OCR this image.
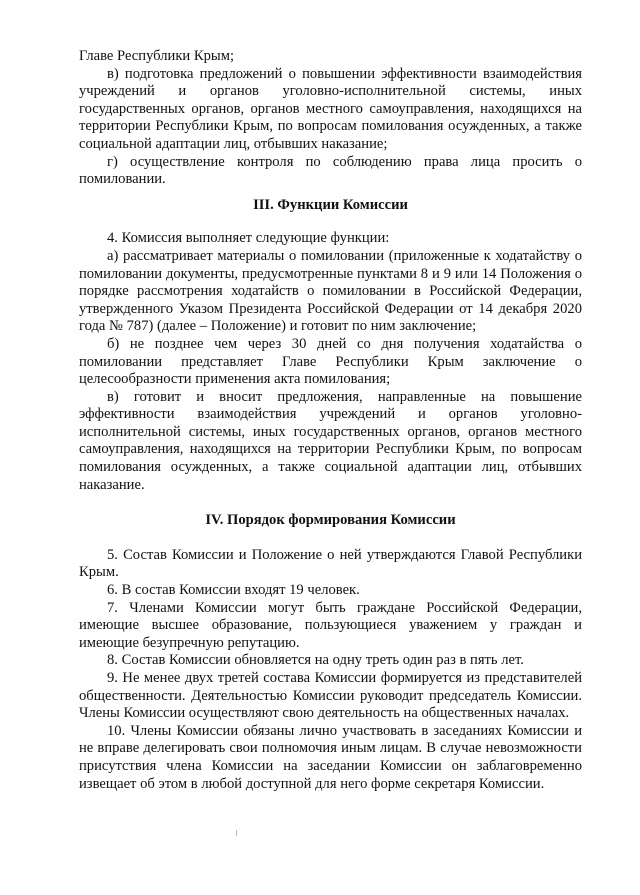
Главе Республики Крым;

в) подготовка предложений о повышении эффективности взаимодействия учреждений и органов уголовно-исполнительной системы, иных государственных органов, органов местного самоуправления, находящихся на территории Республики Крым, по вопросам помилования осужденных, а также социальной адаптации лиц, отбывших наказание;

г) осуществление контроля по соблюдению права лица просить о помиловании.

III. Функции Комиссии

4. Комиссия выполняет следующие функции:

а) рассматривает материалы о помиловании (приложенные к ходатайству о помиловании документы, предусмотренные пунктами 8 и 9 или 14 Положения о порядке рассмотрения ходатайств о помиловании в Российской Федерации, утвержденного Указом Президента Российской Федерации от 14 декабря 2020 года № 787) (далее – Положение) и готовит по ним заключение;

б) не позднее чем через 30 дней со дня получения ходатайства о помиловании представляет Главе Республики Крым заключение о целесообразности применения акта помилования;

в) готовит и вносит предложения, направленные на повышение эффективности взаимодействия учреждений и органов уголовно-исполнительной системы, иных государственных органов, органов местного самоуправления, находящихся на территории Республики Крым, по вопросам помилования осужденных, а также социальной адаптации лиц, отбывших наказание.

IV. Порядок формирования Комиссии

5. Состав Комиссии и Положение о ней утверждаются Главой Республики Крым.

6. В состав Комиссии входят 19 человек.

7. Членами Комиссии могут быть граждане Российской Федерации, имеющие высшее образование, пользующиеся уважением у граждан и имеющие безупречную репутацию.

8. Состав Комиссии обновляется на одну треть один раз в пять лет.

9. Не менее двух третей состава Комиссии формируется из представителей общественности. Деятельностью Комиссии руководит председатель Комиссии. Члены Комиссии осуществляют свою деятельность на общественных началах.

10. Члены Комиссии обязаны лично участвовать в заседаниях Комиссии и не вправе делегировать свои полномочия иным лицам. В случае невозможности присутствия члена Комиссии на заседании Комиссии он заблаговременно извещает об этом в любой доступной для него форме секретаря Комиссии.
